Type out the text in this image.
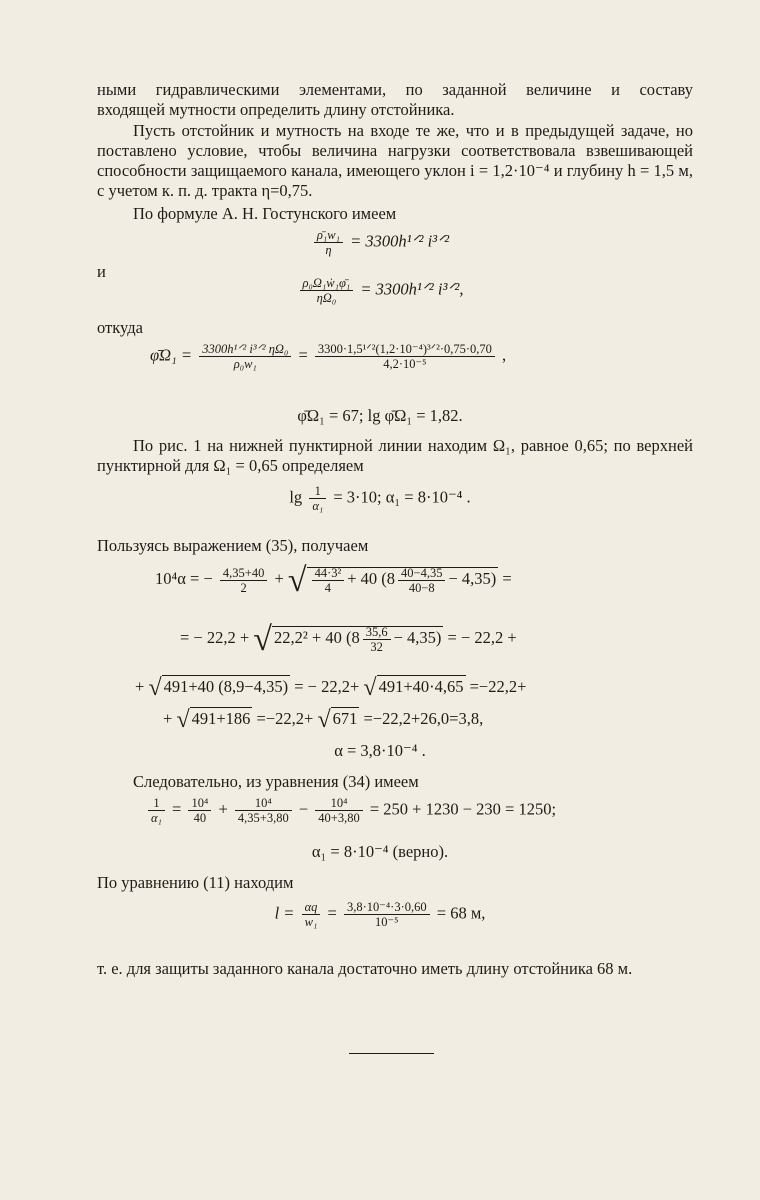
ными гидравлическими элементами, по заданной величине и составу
входящей мутности определить длину отстойника.
Пусть отстойник и мутность на входе те же, что и в предыдущей задаче, но поставлено условие, чтобы величина нагрузки соответствовала взвешивающей способности защищаемого канала, имеющего уклон i = 1,2·10⁻⁴ и глубину h = 1,5 м, с учетом к. п. д. тракта η=0,75.
По формуле А. Н. Гостунского имеем
$\frac{\text{ρ̄₁w₁}}{\eta}$ = 3300h¹ᐟ² i³ᐟ²
и
$\frac{\text{ρ₀Ω₁ẇ₁φ̄₁}}{\text{ηΩ₀}}$ = 3300h¹ᐟ² i³ᐟ²,
откуда
φ̄Ω₁ = $\frac{\text{3300h¹ᐟ² i³ᐟ² ηΩ₀}}{\text{ρ₀w₁}} = \frac{\text{3300·1,5¹ᐟ²(1,2·10⁻⁴)³ᐟ²·0,75·0,70}}{\text{4,2·10⁻⁵}}$ ,
φ̄Ω₁ = 67; lg φ̄Ω₁ = 1,82.
По рис. 1 на нижней пунктирной линии находим Ω₁, равное 0,65; по верхней пунктирной для Ω₁ = 0,65 определяем
$\lg \frac{1}{\text{α₁}} = 3\cdot 10$; α₁ = 8·10⁻⁴ .
Пользуясь выражением (35), получаем
10⁴α = − $\frac{4,35+40}{2}$ + √ $\frac{\text{44·3²}}{4} + 40$ $(8 \frac{40-4,35}{40-8} - 4,35)$ =
= − 22,2 + √ 22,2² + 40 $(8 \frac{35,6}{32} - 4,35)$ = − 22,2 +
+ √ 491+40 (8,9−4,35) = − 22,2+ √ 491+40·4,65 =−22,2+
+ √ 491+186 =−22,2+ √ 671 =−22,2+26,0=3,8,
α = 3,8·10⁻⁴ .
Следовательно, из уравнения (34) имеем
$\frac{1}{\text{α₁}} = \frac{\text{10⁴}}{40} + \frac{\text{10⁴}}{4,35+3,80} - \frac{\text{10⁴}}{40+3,80} = 250 + 1230 - 230 = 1250$;
α₁ = 8·10⁻⁴ (верно).
По уравнению (11) находим
$l = \frac{\alpha q}{\text{w₁}} = \frac{\text{3,8·10⁻⁴·3·0,60}}{\text{10⁻⁵}} = 68$ м,
т. е. для защиты заданного канала достаточно иметь длину отстойника 68 м.
